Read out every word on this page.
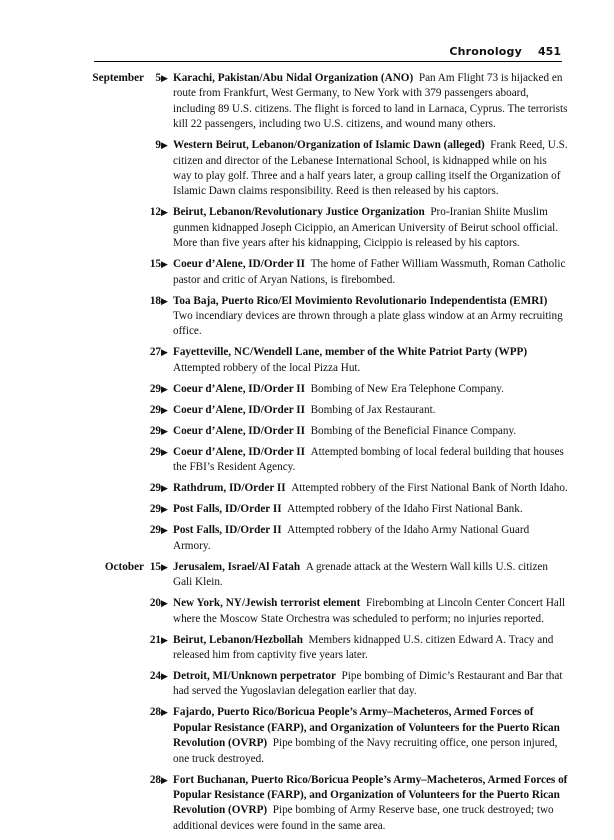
Chronology 451
September 5 ▶ Karachi, Pakistan/Abu Nidal Organization (ANO)  Pan Am Flight 73 is hijacked en route from Frankfurt, West Germany, to New York with 379 passengers aboard, including 89 U.S. citizens. The flight is forced to land in Larnaca, Cyprus. The terrorists kill 22 passengers, including two U.S. citizens, and wound many others.
9 ▶ Western Beirut, Lebanon/Organization of Islamic Dawn (alleged)  Frank Reed, U.S. citizen and director of the Lebanese International School, is kidnapped while on his way to play golf. Three and a half years later, a group calling itself the Organization of Islamic Dawn claims responsibility. Reed is then released by his captors.
12 ▶ Beirut, Lebanon/Revolutionary Justice Organization  Pro-Iranian Shiite Muslim gunmen kidnapped Joseph Cicippio, an American University of Beirut school official. More than five years after his kidnapping, Cicippio is released by his captors.
15 ▶ Coeur d’Alene, ID/Order II  The home of Father William Wassmuth, Roman Catholic pastor and critic of Aryan Nations, is firebombed.
18 ▶ Toa Baja, Puerto Rico/El Movimiento Revolutionario Independentista (EMRI) Two incendiary devices are thrown through a plate glass window at an Army recruiting office.
27 ▶ Fayetteville, NC/Wendell Lane, member of the White Patriot Party (WPP) Attempted robbery of the local Pizza Hut.
29 ▶ Coeur d’Alene, ID/Order II  Bombing of New Era Telephone Company.
29 ▶ Coeur d’Alene, ID/Order II  Bombing of Jax Restaurant.
29 ▶ Coeur d’Alene, ID/Order II  Bombing of the Beneficial Finance Company.
29 ▶ Coeur d’Alene, ID/Order II  Attempted bombing of local federal building that houses the FBI’s Resident Agency.
29 ▶ Rathdrum, ID/Order II  Attempted robbery of the First National Bank of North Idaho.
29 ▶ Post Falls, ID/Order II  Attempted robbery of the Idaho First National Bank.
29 ▶ Post Falls, ID/Order II  Attempted robbery of the Idaho Army National Guard Armory.
October 15 ▶ Jerusalem, Israel/Al Fatah  A grenade attack at the Western Wall kills U.S. citizen Gali Klein.
20 ▶ New York, NY/Jewish terrorist element  Firebombing at Lincoln Center Concert Hall where the Moscow State Orchestra was scheduled to perform; no injuries reported.
21 ▶ Beirut, Lebanon/Hezbollah  Members kidnapped U.S. citizen Edward A. Tracy and released him from captivity five years later.
24 ▶ Detroit, MI/Unknown perpetrator  Pipe bombing of Dimic’s Restaurant and Bar that had served the Yugoslavian delegation earlier that day.
28 ▶ Fajardo, Puerto Rico/Boricua People’s Army–Macheteros, Armed Forces of Popular Resistance (FARP), and Organization of Volunteers for the Puerto Rican Revolution (OVRP)  Pipe bombing of the Navy recruiting office, one person injured, one truck destroyed.
28 ▶ Fort Buchanan, Puerto Rico/Boricua People’s Army–Macheteros, Armed Forces of Popular Resistance (FARP), and Organization of Volunteers for the Puerto Rican Revolution (OVRP)  Pipe bombing of Army Reserve base, one truck destroyed; two additional devices were found in the same area.
